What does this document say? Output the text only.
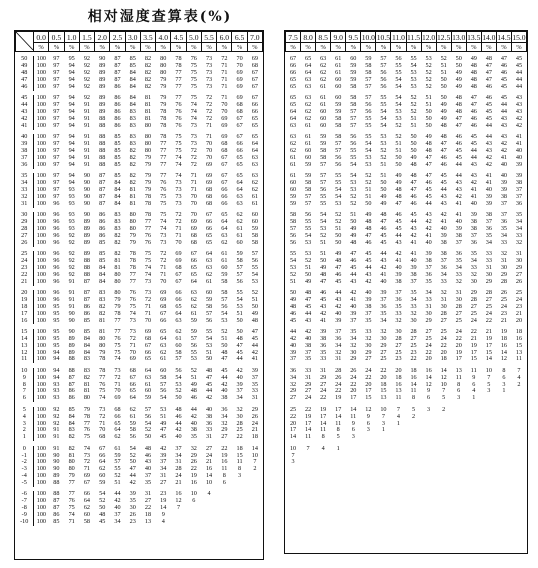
相对湿度查算表(%)
	0.0	0.5	1.0	1.5	2.0	2.5	3.0	3.5	4.0	4.5	5.0	5.5	6.0	6.5	7.0
	%	%	%	%	%	%	%	%	%	%	%	%	%	%	%

50	100	97	95	92	90	87	85	82	80	78	76	73	72	70	69
49	100	97	94	92	89	87	85	82	80	78	75	73	71	70	68
48	100	97	94	92	89	87	84	82	80	77	75	73	71	69	67
47	100	97	94	92	89	87	84	82	79	77	75	73	71	69	67
46	100	97	94	92	89	86	84	82	79	77	75	73	71	69	67

45	100	97	94	92	89	86	84	81	79	77	75	72	71	69	67
44	100	97	94	91	89	86	84	81	79	76	74	72	70	68	66
43	100	97	94	91	89	86	83	81	78	76	74	72	70	68	66
42	100	97	94	91	88	86	83	81	78	76	74	72	69	67	65
41	100	97	94	91	88	86	83	80	78	76	73	71	69	67	65

40	100	97	94	91	88	85	83	80	78	75	73	71	69	67	65
39	100	97	94	91	88	85	83	80	77	75	73	70	68	66	64
38	100	97	94	91	88	85	82	80	77	75	72	70	68	66	64
37	100	97	94	91	88	85	82	79	77	74	72	70	67	65	63
36	100	97	94	91	88	85	82	79	77	74	72	69	67	65	63

35	100	97	94	90	87	85	82	79	77	74	71	69	67	65	63
34	100	97	94	90	87	84	82	79	76	73	71	69	67	64	62
33	100	97	93	90	87	84	81	79	76	73	71	68	66	64	62
32	100	97	93	90	87	84	81	78	75	73	70	68	66	63	61
31	100	96	93	90	87	84	81	78	75	73	70	68	66	63	61

30	100	96	93	90	86	83	80	78	75	72	70	67	65	62	60
29	100	96	93	89	86	83	80	77	74	72	69	66	64	62	60
28	100	96	93	89	86	83	80	77	74	71	69	66	64	61	59
27	100	96	92	89	86	82	79	76	73	71	68	65	63	61	58
26	100	96	92	89	85	82	79	76	73	70	68	65	62	60	58

25	100	96	92	89	85	82	78	75	72	69	67	64	61	59	57
24	100	96	92	88	85	81	78	75	72	69	66	63	61	58	56
23	100	96	92	88	84	81	78	74	71	68	65	63	60	57	55
22	100	96	92	88	84	80	77	74	71	67	65	62	59	57	54
21	100	96	91	87	84	80	77	73	70	67	64	61	58	56	53

20	100	96	91	87	83	80	76	73	69	66	63	60	58	55	52
19	100	96	91	87	83	79	76	72	69	66	62	59	57	54	51
18	100	95	91	86	82	79	75	71	68	65	62	58	56	53	50
17	100	95	90	86	82	78	74	71	67	64	61	57	54	51	49
16	100	95	90	85	81	77	73	70	66	63	59	56	53	50	48

15	100	95	90	85	81	77	73	69	65	62	59	55	52	50	47
14	100	95	89	84	80	76	72	68	64	61	57	54	51	48	45
13	100	95	89	84	80	75	71	67	63	60	56	53	50	47	44
12	100	94	89	84	79	75	70	66	62	58	55	51	48	45	42
11	100	94	88	83	78	74	69	65	61	57	53	50	47	44	41

10	100	94	88	83	78	73	68	64	60	56	52	48	45	42	39
9	100	94	87	82	77	72	67	63	58	54	51	47	44	40	37
8	100	93	87	81	76	71	66	61	57	53	49	45	42	39	35
7	100	93	86	81	75	70	65	60	56	52	48	44	40	37	33
6	100	93	86	80	74	69	64	59	54	50	46	42	38	34	31

5	100	92	85	79	73	68	62	57	53	48	44	40	36	32	29
4	100	92	84	78	72	66	61	56	51	46	42	38	34	30	26
3	100	92	84	77	71	65	59	54	49	44	40	36	32	28	24
2	100	91	83	76	70	64	58	52	47	42	38	33	29	25	21
1	100	91	82	75	68	62	56	50	45	40	35	31	27	22	18

0	100	91	82	74	67	61	54	48	42	37	32	27	22	18	14
-1	100	90	81	73	66	59	52	46	39	34	29	24	19	15	10
-2	100	90	80	72	64	57	50	43	37	31	26	21	16	11	7
-3	100	90	80	71	62	55	47	40	34	28	22	16	11	8	2
-4	100	89	79	69	60	52	44	37	31	24	19	14	8	3	
-5	100	88	77	67	59	51	42	35	27	21	16	10	6		

-6	100	88	77	66	54	44	39	31	23	16	10	4			
-7	100	87	76	64	52	42	35	27	19	12	6				
-8	100	87	75	62	50	40	30	22	14	7					
-9	100	86	74	60	48	37	26	18	9						
-10	100	85	71	58	45	34	23	13	4						
7.5	8.0	8.5	9.0	9.5	10.0	10.5	11.0	11.5	12.0	12.5	13.0	13.5	14.0	14.5	15.0
%	%	%	%	%	%	%	%	%	%	%	%	%	%	%	%

67	65	63	61	60	59	57	56	55	53	52	50	49	48	47	45
66	64	62	61	59	58	57	55	54	52	51	50	48	47	46	45
66	64	62	61	59	58	56	55	53	52	51	49	48	47	46	44
65	63	62	60	59	57	56	54	53	52	50	49	48	47	45	44
65	63	61	60	58	57	56	54	53	52	50	49	48	46	45	44

65	63	61	60	58	57	55	54	52	51	50	48	47	46	45	43
65	62	61	59	58	56	55	54	52	51	49	48	47	45	44	43
64	62	60	59	57	56	54	53	52	50	49	48	46	45	44	43
64	62	60	58	57	55	54	53	51	50	49	47	46	45	43	42
63	61	60	58	57	55	54	52	51	50	48	47	46	44	43	42

63	61	59	58	56	55	53	52	50	49	48	46	45	44	43	41
62	61	59	57	56	54	53	51	50	48	47	46	45	43	42	41
62	60	58	57	55	54	52	51	50	48	47	45	44	43	42	40
61	60	58	56	55	53	52	50	49	47	46	45	44	42	41	40
61	59	57	56	54	53	51	50	48	47	46	44	43	42	40	39

61	59	57	55	54	52	51	49	48	47	45	44	43	41	40	39
60	58	57	55	53	52	50	49	47	46	45	43	42	41	39	38
60	58	56	54	53	51	50	48	47	45	44	43	41	40	39	37
59	57	55	54	52	51	49	48	46	45	43	42	41	39	38	37
59	57	55	53	52	50	49	47	46	44	43	41	40	39	37	36

58	56	54	52	51	49	48	46	45	43	42	41	39	38	37	35
58	55	54	52	50	48	47	45	44	42	41	40	38	37	36	34
57	55	53	51	49	48	46	45	43	42	40	39	38	36	35	34
56	54	52	50	49	47	45	44	42	41	39	38	37	35	34	33
56	53	51	50	48	46	45	43	41	40	38	37	36	34	33	32

55	53	51	49	47	45	44	42	41	39	38	36	35	33	32	31
54	52	50	48	46	45	43	41	40	38	37	35	34	33	31	30
53	51	49	47	45	44	42	40	39	37	36	34	33	31	30	29
52	50	48	46	44	43	41	39	38	36	34	33	32	30	29	27
51	49	47	45	43	42	40	38	37	35	33	32	30	29	28	26

50	48	46	44	42	40	39	37	35	34	32	31	29	28	26	25
49	47	45	43	41	39	37	36	34	33	31	30	28	27	25	24
48	45	43	42	40	38	36	35	33	31	30	28	27	25	24	23
46	44	42	40	39	37	35	33	32	30	28	27	25	24	23	21
45	43	41	39	37	35	34	32	30	29	27	25	24	22	21	20

44	42	39	37	35	33	32	30	28	27	25	24	22	21	19	18
42	40	38	36	34	32	30	28	27	25	24	22	21	19	18	16
40	38	36	34	32	30	29	27	25	24	22	20	19	17	16	15
39	37	35	32	30	29	27	25	23	22	20	19	17	15	14	13
37	35	33	31	29	27	25	23	22	20	18	17	15	14	12	11

36	33	31	28	26	24	22	20	18	16	14	13	11	10	8	7
34	31	29	26	24	22	20	18	16	14	12	11	9	7	6	4
32	29	27	24	22	20	18	16	14	12	10	8	6	5	3	2
29	27	24	22	20	17	15	13	11	9	7	6	4	3	1	
27	24	22	19	17	15	13	11	8	6	5	3	1			

25	22	19	17	14	12	10	7	5	3	2					
22	19	17	14	11	9	7	4	2							
20	17	14	11	9	6	3	1								
17	14	11	8	6	3	1									
14	11	8	5	3											

10	7	4	1												
7															
3															
